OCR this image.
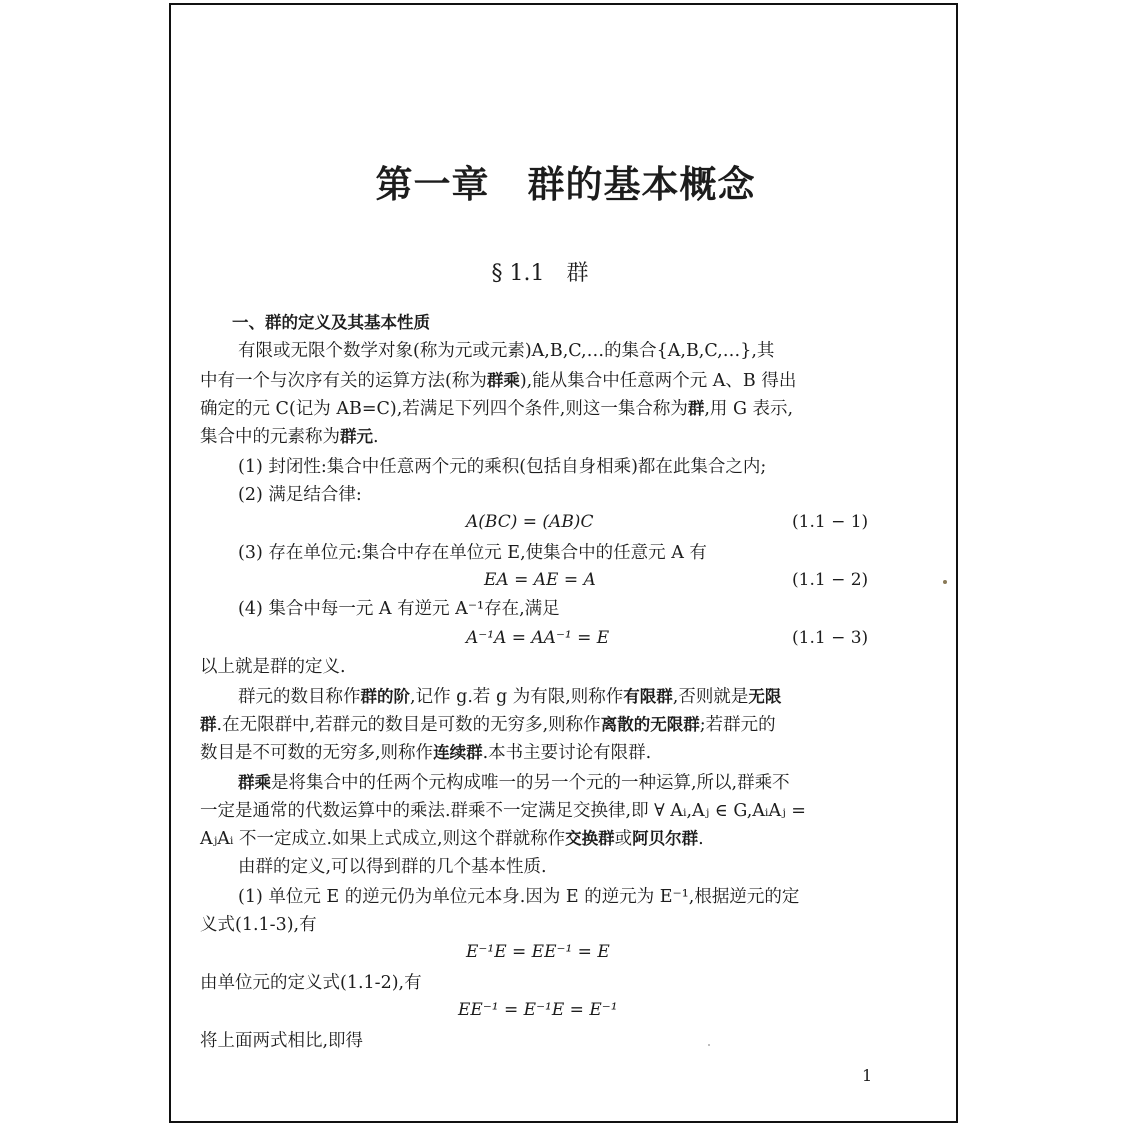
第一章　群的基本概念
§ 1.1　群
一、群的定义及其基本性质
有限或无限个数学对象(称为元或元素)A,B,C,…的集合{A,B,C,…},其
中有一个与次序有关的运算方法(称为群乘),能从集合中任意两个元 A、B 得出
确定的元 C(记为 AB=C),若满足下列四个条件,则这一集合称为群,用 G 表示,
集合中的元素称为群元.
(1) 封闭性:集合中任意两个元的乘积(包括自身相乘)都在此集合之内;
(2) 满足结合律:
A(BC) = (AB)C	(1.1 − 1)
(3) 存在单位元:集合中存在单位元 E,使集合中的任意元 A 有
EA = AE = A	(1.1 − 2)
(4) 集合中每一元 A 有逆元 A⁻¹存在,满足
A⁻¹A = AA⁻¹ = E	(1.1 − 3)
以上就是群的定义.
群元的数目称作群的阶,记作 g.若 g 为有限,则称作有限群,否则就是无限
群.在无限群中,若群元的数目是可数的无穷多,则称作离散的无限群;若群元的
数目是不可数的无穷多,则称作连续群.本书主要讨论有限群.
群乘是将集合中的任两个元构成唯一的另一个元的一种运算,所以,群乘不
一定是通常的代数运算中的乘法.群乘不一定满足交换律,即 ∀ Aᵢ,Aⱼ ∈ G,AᵢAⱼ =
AⱼAᵢ 不一定成立.如果上式成立,则这个群就称作交换群或阿贝尔群.
由群的定义,可以得到群的几个基本性质.
(1) 单位元 E 的逆元仍为单位元本身.因为 E 的逆元为 E⁻¹,根据逆元的定
义式(1.1-3),有
E⁻¹E = EE⁻¹ = E
由单位元的定义式(1.1-2),有
EE⁻¹ = E⁻¹E = E⁻¹
将上面两式相比,即得
1
